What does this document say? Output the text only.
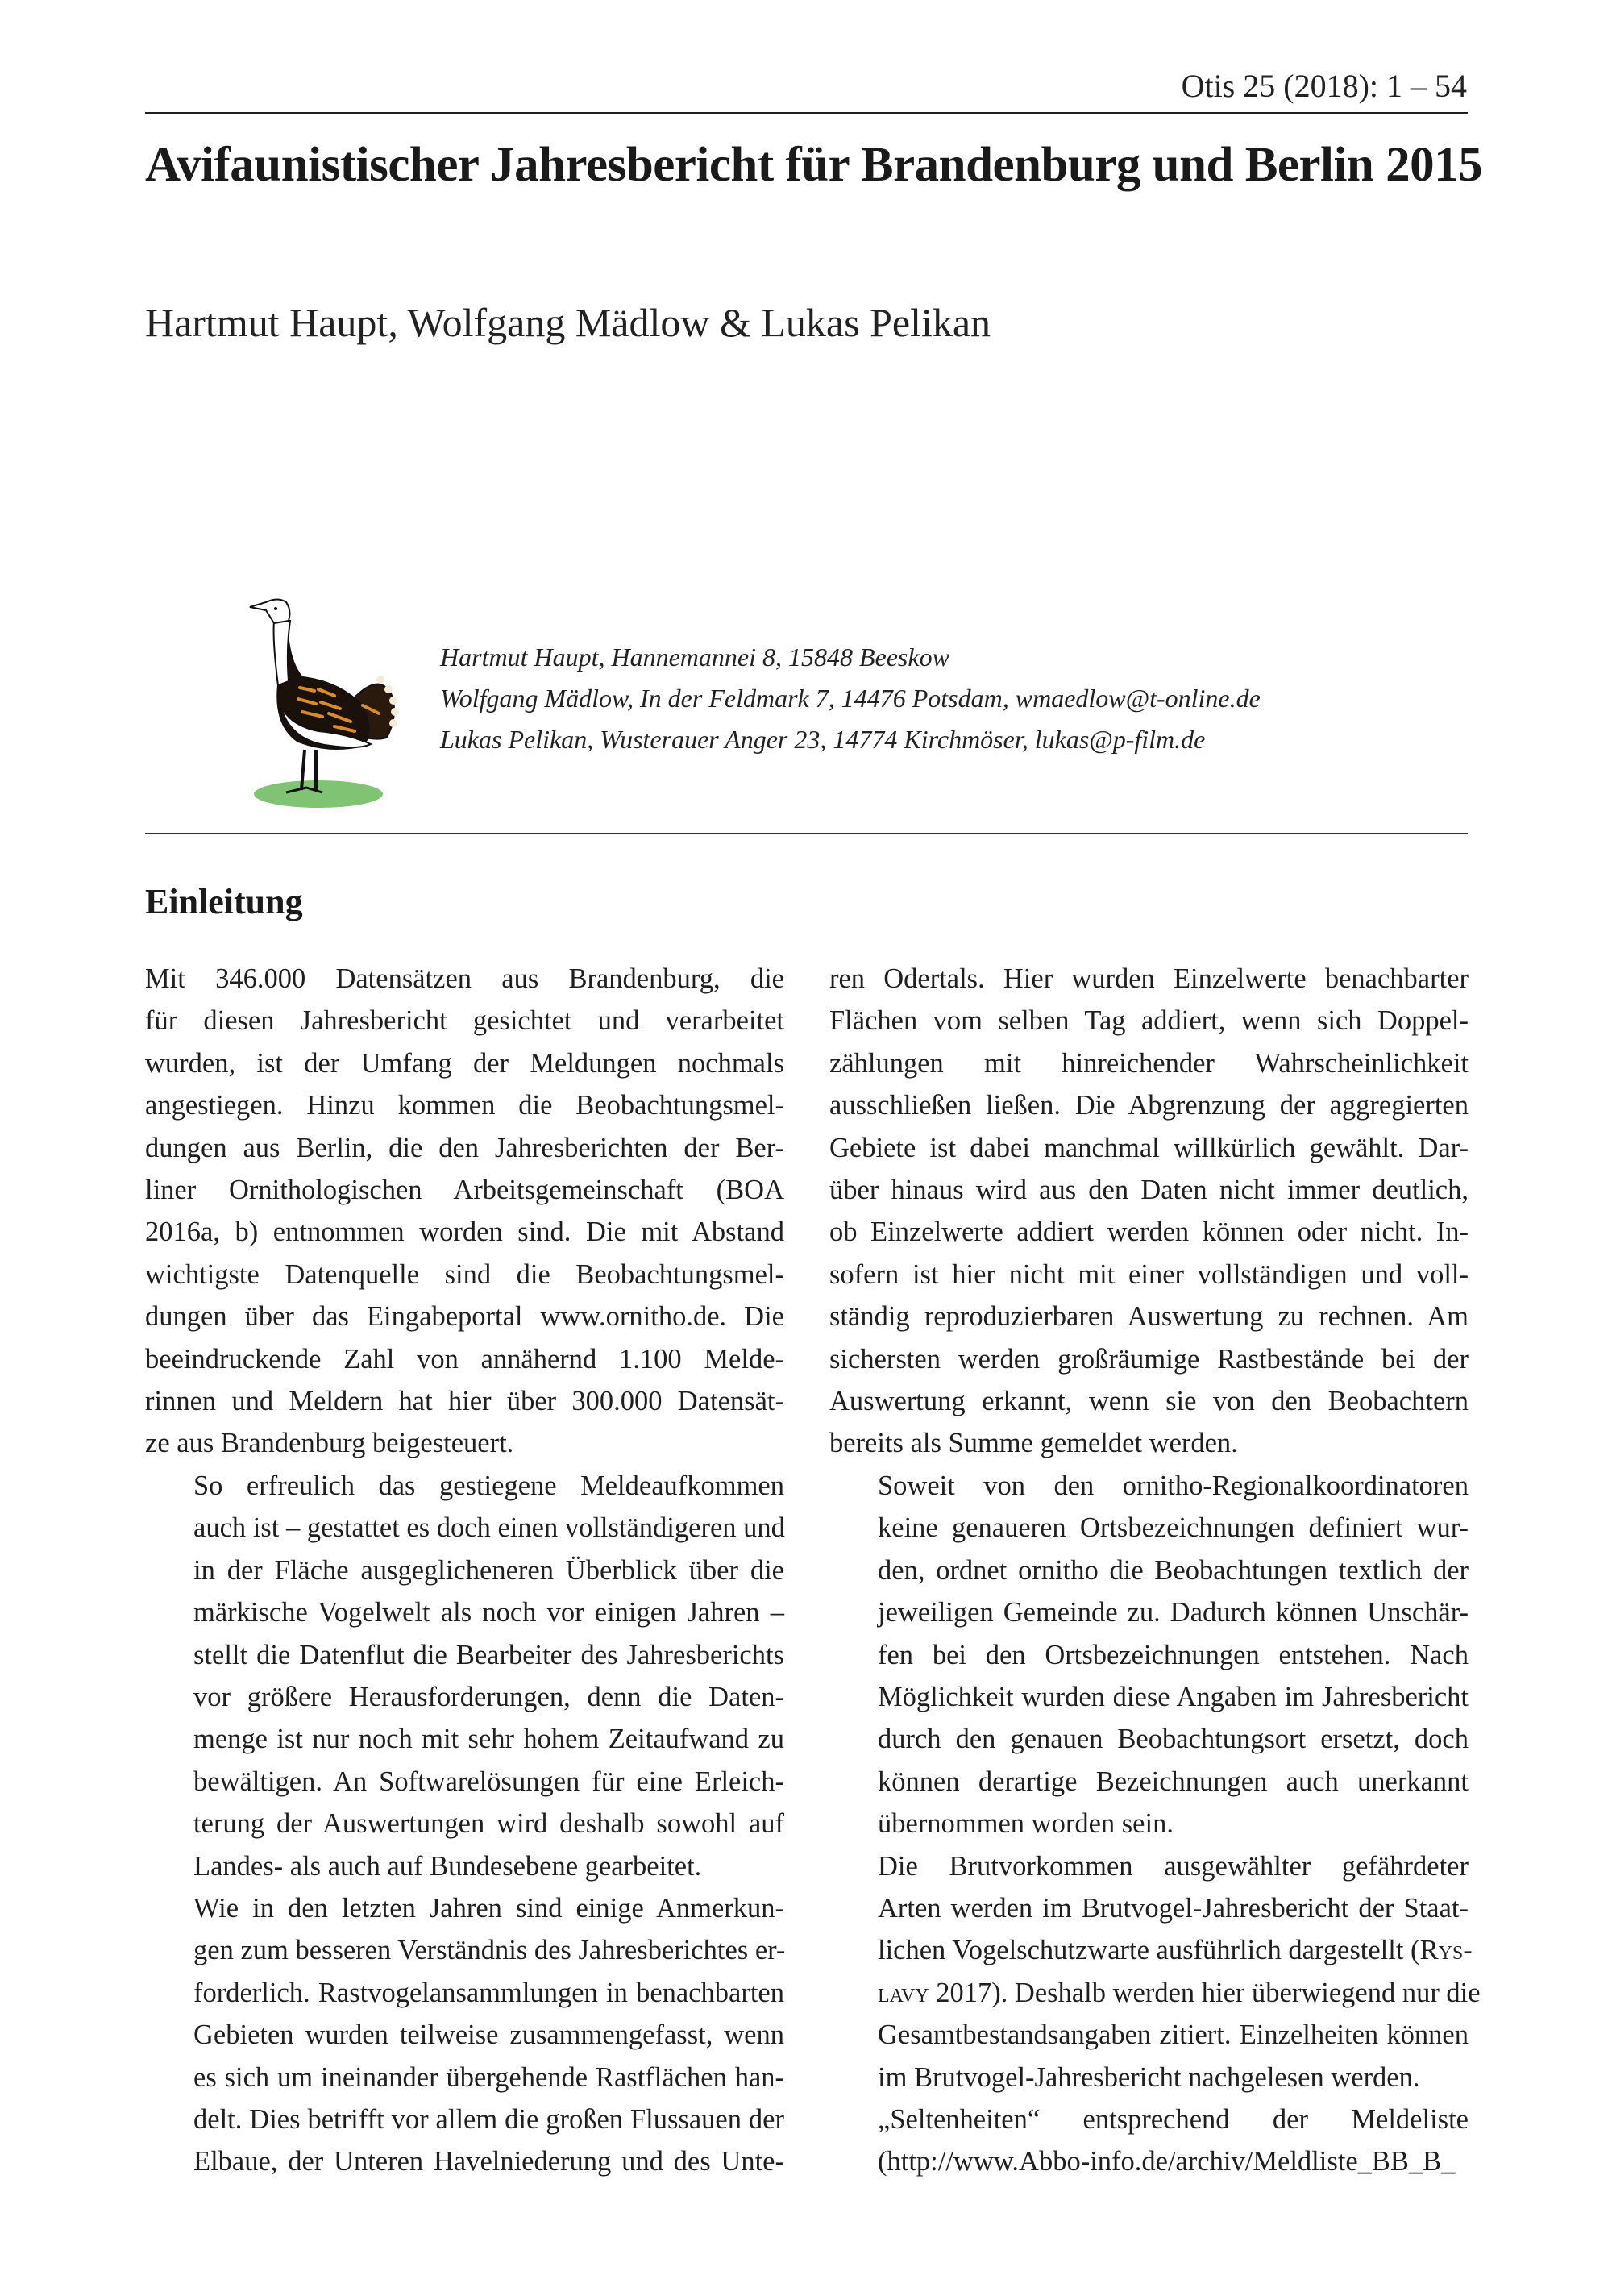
Otis 25 (2018): 1 – 54
Avifaunistischer Jahresbericht für Brandenburg und Berlin 2015
Hartmut Haupt, Wolfgang Mädlow & Lukas Pelikan
Hartmut Haupt, Hannemannei 8, 15848 Beeskow
Wolfgang Mädlow, In der Feldmark 7, 14476 Potsdam, wmaedlow@t-online.de
Lukas Pelikan, Wusterauer Anger 23, 14774 Kirchmöser, lukas@p-film.de
Einleitung

Mit 346.000 Datensätzen aus Brandenburg, die
für diesen Jahresbericht gesichtet und verarbeitet
wurden, ist der Umfang der Meldungen nochmals
angestiegen. Hinzu kommen die Beobachtungsmel-
dungen aus Berlin, die den Jahresberichten der Ber-
liner Ornithologischen Arbeitsgemeinschaft (BOA
2016a, b) entnommen worden sind. Die mit Abstand
wichtigste Datenquelle sind die Beobachtungsmel-
dungen über das Eingabeportal www.ornitho.de. Die
beeindruckende Zahl von annähernd 1.100 Melde-
rinnen und Meldern hat hier über 300.000 Datensät-
ze aus Brandenburg beigesteuert.

So erfreulich das gestiegene Meldeaufkommen
auch ist – gestattet es doch einen vollständigeren und
in der Fläche ausgeglicheneren Überblick über die
märkische Vogelwelt als noch vor einigen Jahren –
stellt die Datenflut die Bearbeiter des Jahresberichts
vor größere Herausforderungen, denn die Daten-
menge ist nur noch mit sehr hohem Zeitaufwand zu
bewältigen. An Softwarelösungen für eine Erleich-
terung der Auswertungen wird deshalb sowohl auf
Landes- als auch auf Bundesebene gearbeitet.

Wie in den letzten Jahren sind einige Anmerkun-
gen zum besseren Verständnis des Jahresberichtes er-
forderlich. Rastvogelansammlungen in benachbarten
Gebieten wurden teilweise zusammengefasst, wenn
es sich um ineinander übergehende Rastflächen han-
delt. Dies betrifft vor allem die großen Flussauen der
Elbaue, der Unteren Havelniederung und des Unte-

ren Odertals. Hier wurden Einzelwerte benachbarter
Flächen vom selben Tag addiert, wenn sich Doppel-
zählungen mit hinreichender Wahrscheinlichkeit
ausschließen ließen. Die Abgrenzung der aggregierten
Gebiete ist dabei manchmal willkürlich gewählt. Dar-
über hinaus wird aus den Daten nicht immer deutlich,
ob Einzelwerte addiert werden können oder nicht. In-
sofern ist hier nicht mit einer vollständigen und voll-
ständig reproduzierbaren Auswertung zu rechnen. Am
sichersten werden großräumige Rastbestände bei der
Auswertung erkannt, wenn sie von den Beobachtern
bereits als Summe gemeldet werden.

Soweit von den ornitho-Regionalkoordinatoren
keine genaueren Ortsbezeichnungen definiert wur-
den, ordnet ornitho die Beobachtungen textlich der
jeweiligen Gemeinde zu. Dadurch können Unschär-
fen bei den Ortsbezeichnungen entstehen. Nach
Möglichkeit wurden diese Angaben im Jahresbericht
durch den genauen Beobachtungsort ersetzt, doch
können derartige Bezeichnungen auch unerkannt
übernommen worden sein.

Die Brutvorkommen ausgewählter gefährdeter
Arten werden im Brutvogel-Jahresbericht der Staat-
lichen Vogelschutzwarte ausführlich dargestellt (Rys-
lavy 2017). Deshalb werden hier überwiegend nur die
Gesamtbestandsangaben zitiert. Einzelheiten können
im Brutvogel-Jahresbericht nachgelesen werden.

„Seltenheiten“ entsprechend der Meldeliste
(http://www.Abbo-info.de/archiv/Meldliste_BB_B_
